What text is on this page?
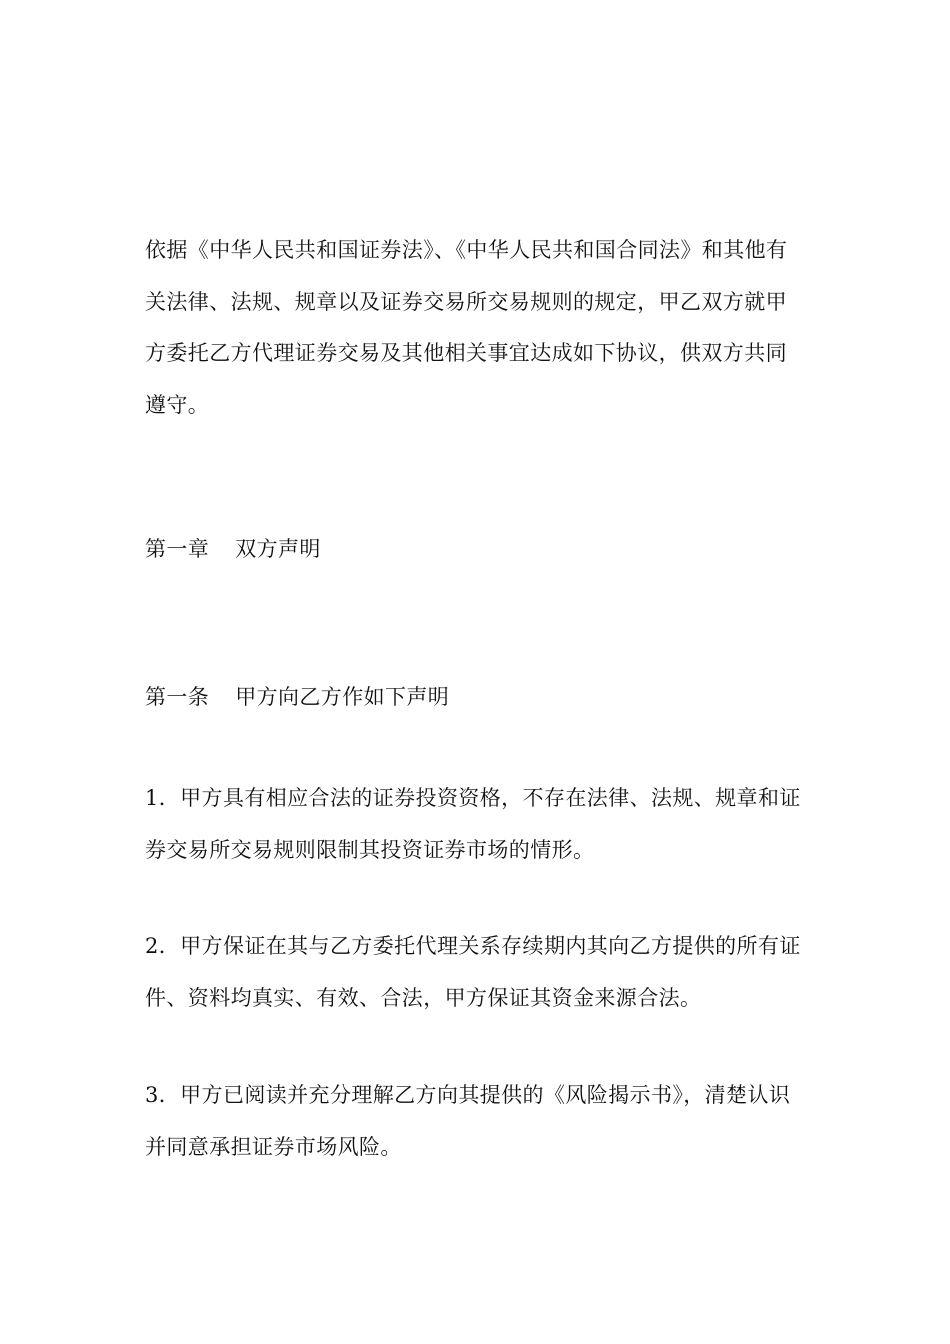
依据《中华人民共和国证券法》、《中华人民共和国合同法》和其他有关法律、法规、规章以及证券交易所交易规则的规定，甲乙双方就甲方委托乙方代理证券交易及其他相关事宜达成如下协议，供双方共同遵守。

第一章 双方声明

第一条 甲方向乙方作如下声明

1．甲方具有相应合法的证券投资资格，不存在法律、法规、规章和证券交易所交易规则限制其投资证券市场的情形。

2．甲方保证在其与乙方委托代理关系存续期内其向乙方提供的所有证件、资料均真实、有效、合法，甲方保证其资金来源合法。

3．甲方已阅读并充分理解乙方向其提供的《风险揭示书》，清楚认识并同意承担证券市场风险。
